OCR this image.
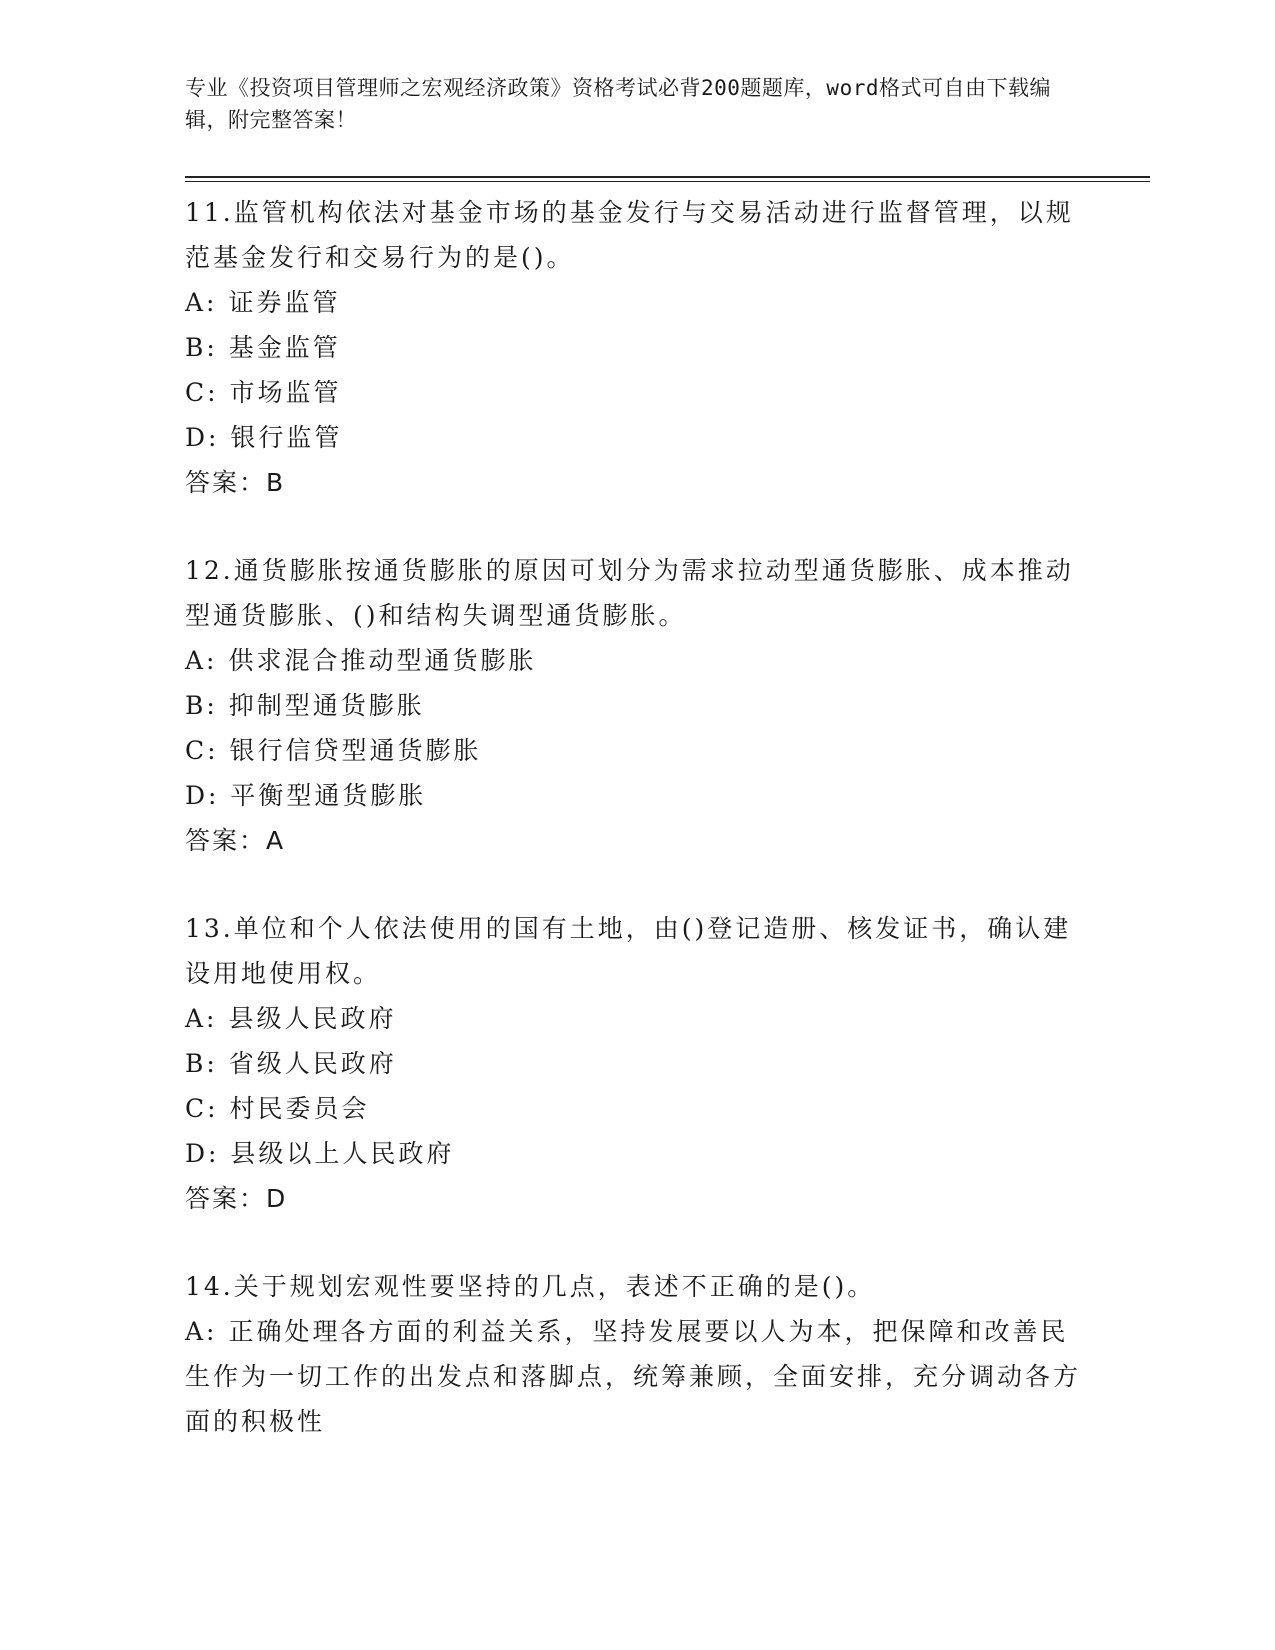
专业《投资项目管理师之宏观经济政策》资格考试必背200题题库，word格式可自由下载编辑，附完整答案！

11.监管机构依法对基金市场的基金发行与交易活动进行监督管理，以规范基金发行和交易行为的是()。

A: 证券监管

B: 基金监管

C: 市场监管

D: 银行监管

答案：B

12.通货膨胀按通货膨胀的原因可划分为需求拉动型通货膨胀、成本推动型通货膨胀、()和结构失调型通货膨胀。

A: 供求混合推动型通货膨胀

B: 抑制型通货膨胀

C: 银行信贷型通货膨胀

D: 平衡型通货膨胀

答案：A

13.单位和个人依法使用的国有土地，由()登记造册、核发证书，确认建设用地使用权。

A: 县级人民政府

B: 省级人民政府

C: 村民委员会

D: 县级以上人民政府

答案：D

14.关于规划宏观性要坚持的几点，表述不正确的是()。

A: 正确处理各方面的利益关系，坚持发展要以人为本，把保障和改善民生作为一切工作的出发点和落脚点，统筹兼顾，全面安排，充分调动各方面的积极性
